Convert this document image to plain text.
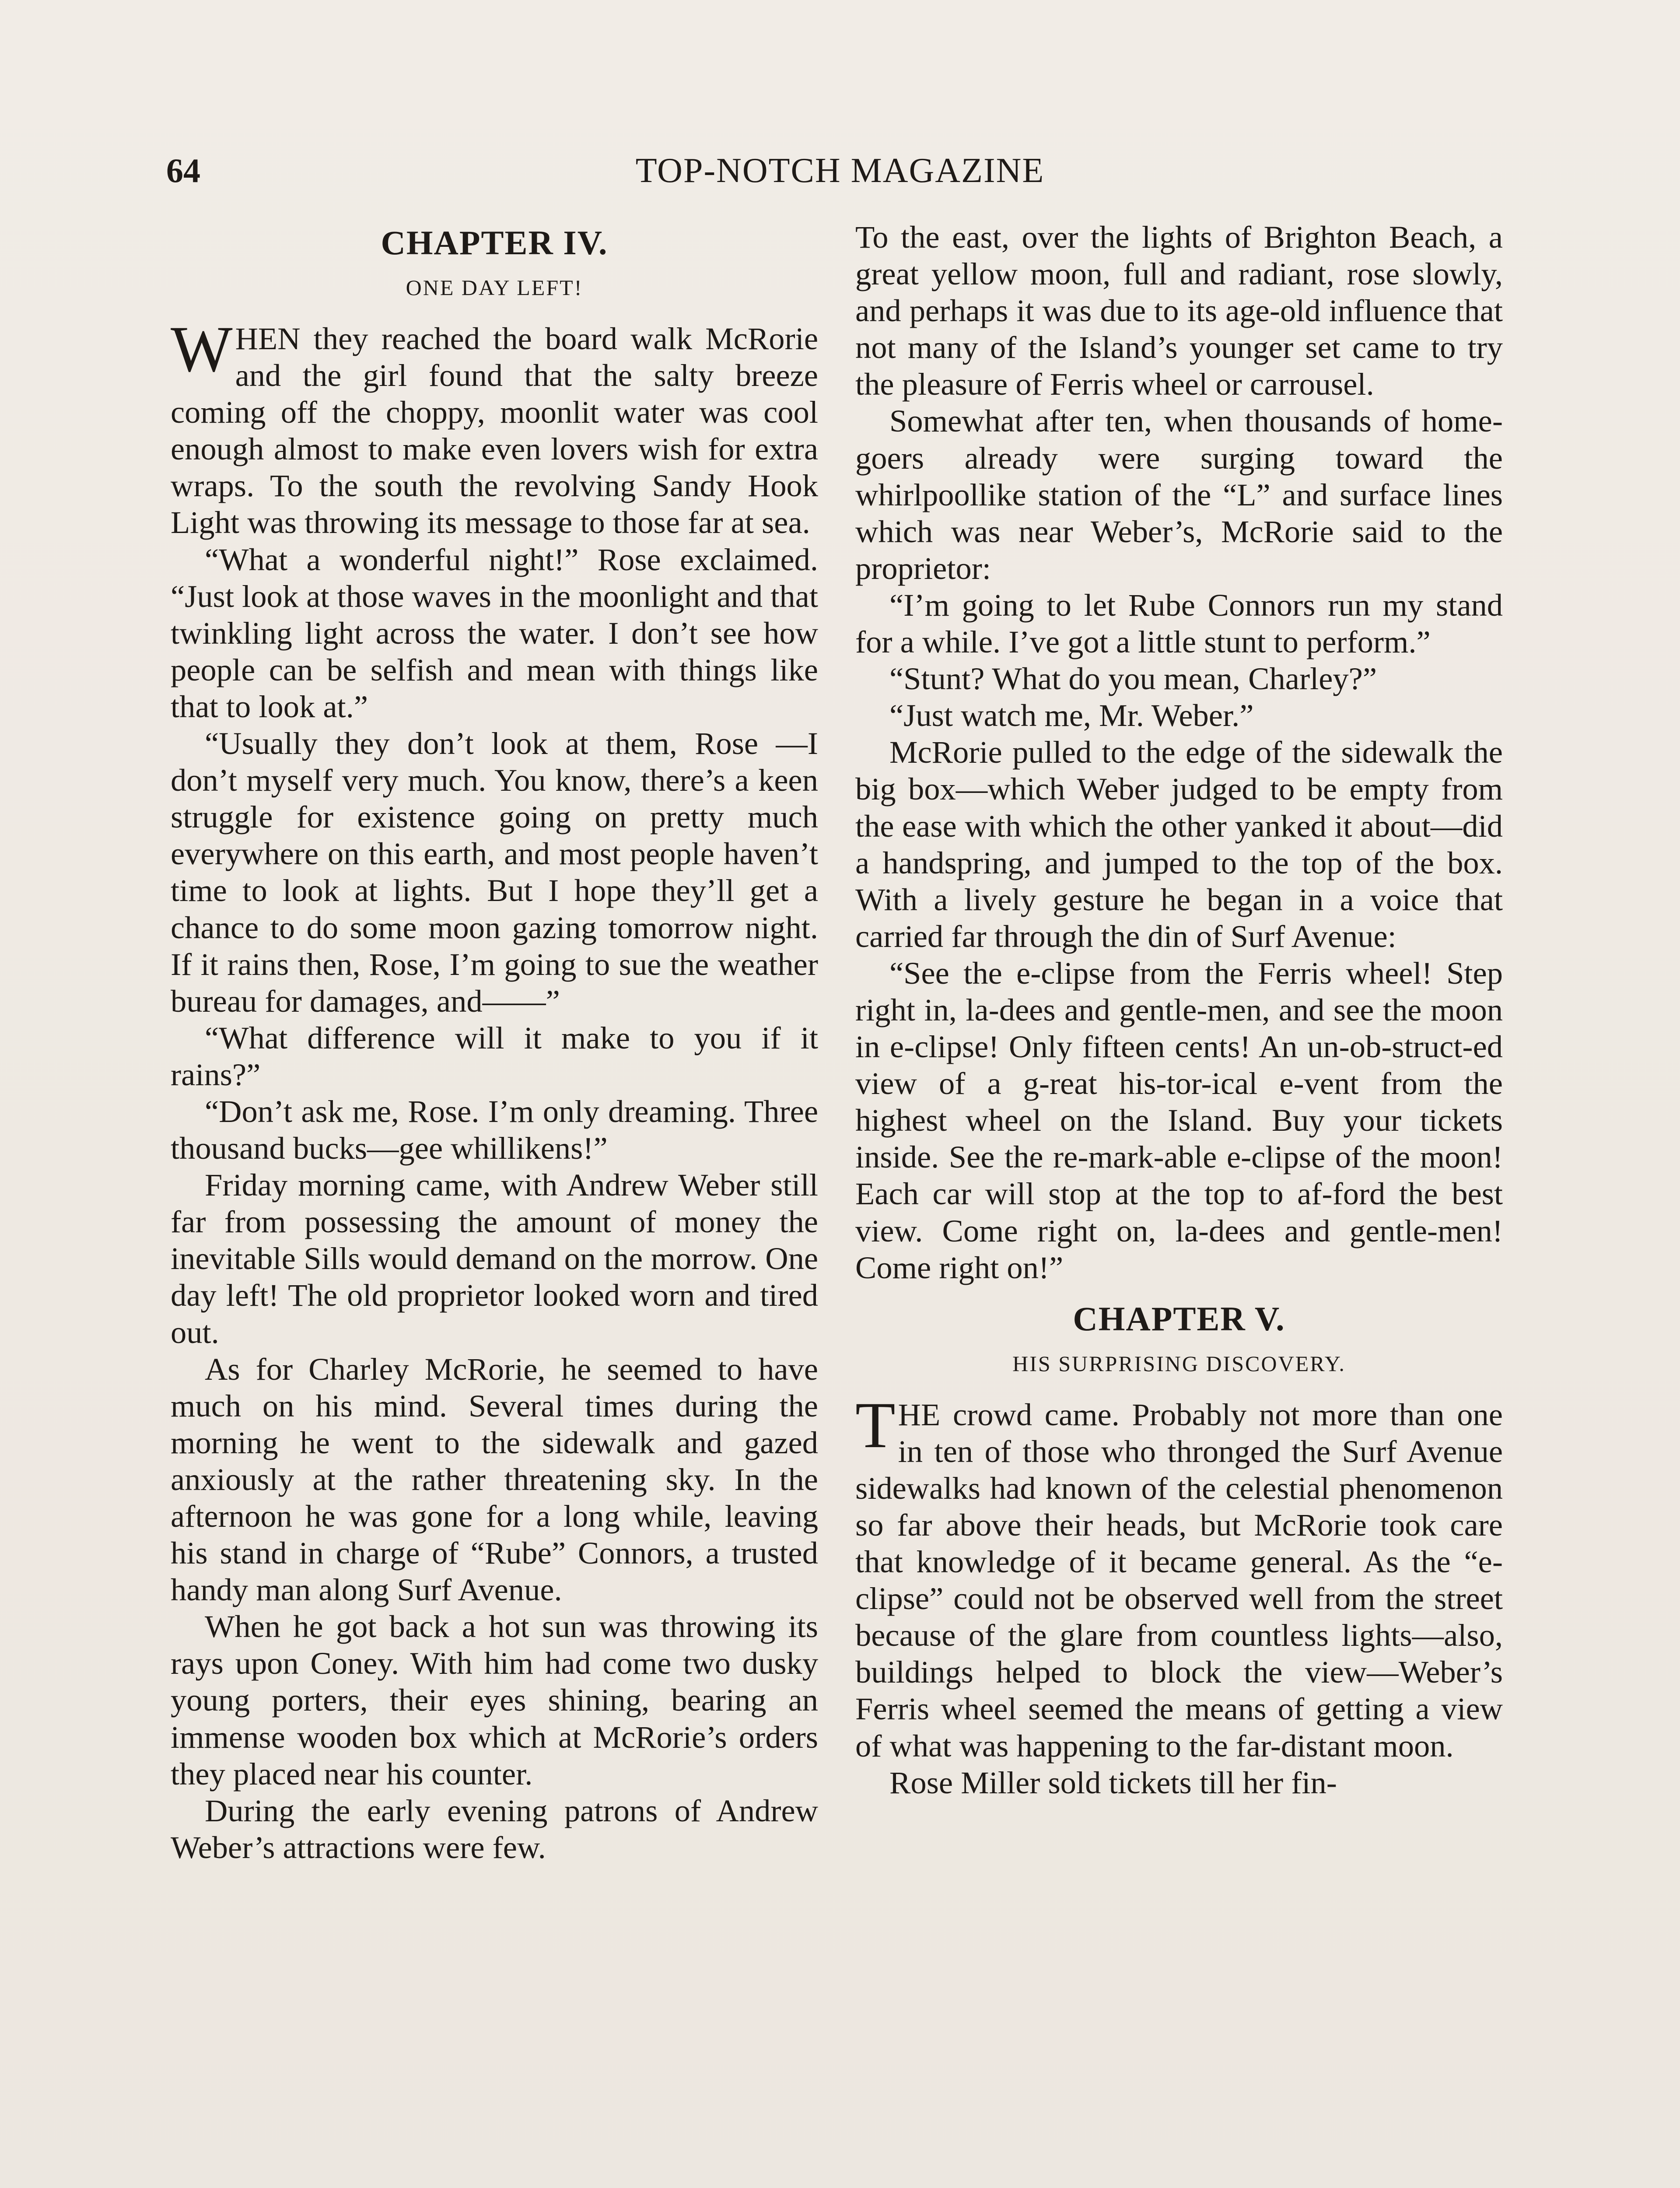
64	TOP-NOTCH MAGAZINE
CHAPTER IV.
ONE DAY LEFT!

WHEN they reached the board walk McRorie and the girl found that the salty breeze coming off the choppy, moonlit water was cool enough almost to make even lovers wish for extra wraps. To the south the revolving Sandy Hook Light was throwing its message to those far at sea.

“What a wonderful night!” Rose exclaimed. “Just look at those waves in the moonlight and that twinkling light across the water. I don’t see how people can be selfish and mean with things like that to look at.”

“Usually they don’t look at them, Rose —I don’t myself very much. You know, there’s a keen struggle for existence going on pretty much everywhere on this earth, and most people haven’t time to look at lights. But I hope they’ll get a chance to do some moon gazing tomorrow night. If it rains then, Rose, I’m going to sue the weather bureau for damages, and——”

“What difference will it make to you if it rains?”

“Don’t ask me, Rose. I’m only dreaming. Three thousand bucks—gee whillikens!”

Friday morning came, with Andrew Weber still far from possessing the amount of money the inevitable Sills would demand on the morrow. One day left! The old proprietor looked worn and tired out.

As for Charley McRorie, he seemed to have much on his mind. Several times during the morning he went to the sidewalk and gazed anxiously at the rather threatening sky. In the afternoon he was gone for a long while, leaving his stand in charge of “Rube” Connors, a trusted handy man along Surf Avenue.

When he got back a hot sun was throwing its rays upon Coney. With him had come two dusky young porters, their eyes shining, bearing an immense wooden box which at McRorie’s orders they placed near his counter.

During the early evening patrons of Andrew Weber’s attractions were few.

To the east, over the lights of Brighton Beach, a great yellow moon, full and radiant, rose slowly, and perhaps it was due to its age-old influence that not many of the Island’s younger set came to try the pleasure of Ferris wheel or carrousel.

Somewhat after ten, when thousands of home-goers already were surging toward the whirlpoollike station of the “L” and surface lines which was near Weber’s, McRorie said to the proprietor:

“I’m going to let Rube Connors run my stand for a while. I’ve got a little stunt to perform.”

“Stunt? What do you mean, Charley?”

“Just watch me, Mr. Weber.”

McRorie pulled to the edge of the sidewalk the big box—which Weber judged to be empty from the ease with which the other yanked it about—did a handspring, and jumped to the top of the box. With a lively gesture he began in a voice that carried far through the din of Surf Avenue:

“See the e-clipse from the Ferris wheel! Step right in, la-dees and gentle-men, and see the moon in e-clipse! Only fifteen cents! An un-ob-struct-ed view of a g-reat his-tor-ical e-vent from the highest wheel on the Island. Buy your tickets inside. See the re-mark-able e-clipse of the moon! Each car will stop at the top to af-ford the best view. Come right on, la-dees and gentle-men! Come right on!”

CHAPTER V.
HIS SURPRISING DISCOVERY.

THE crowd came. Probably not more than one in ten of those who thronged the Surf Avenue sidewalks had known of the celestial phenomenon so far above their heads, but McRorie took care that knowledge of it became general. As the “e-clipse” could not be observed well from the street because of the glare from countless lights—also, buildings helped to block the view—Weber’s Ferris wheel seemed the means of getting a view of what was happening to the far-distant moon.

Rose Miller sold tickets till her fin-
